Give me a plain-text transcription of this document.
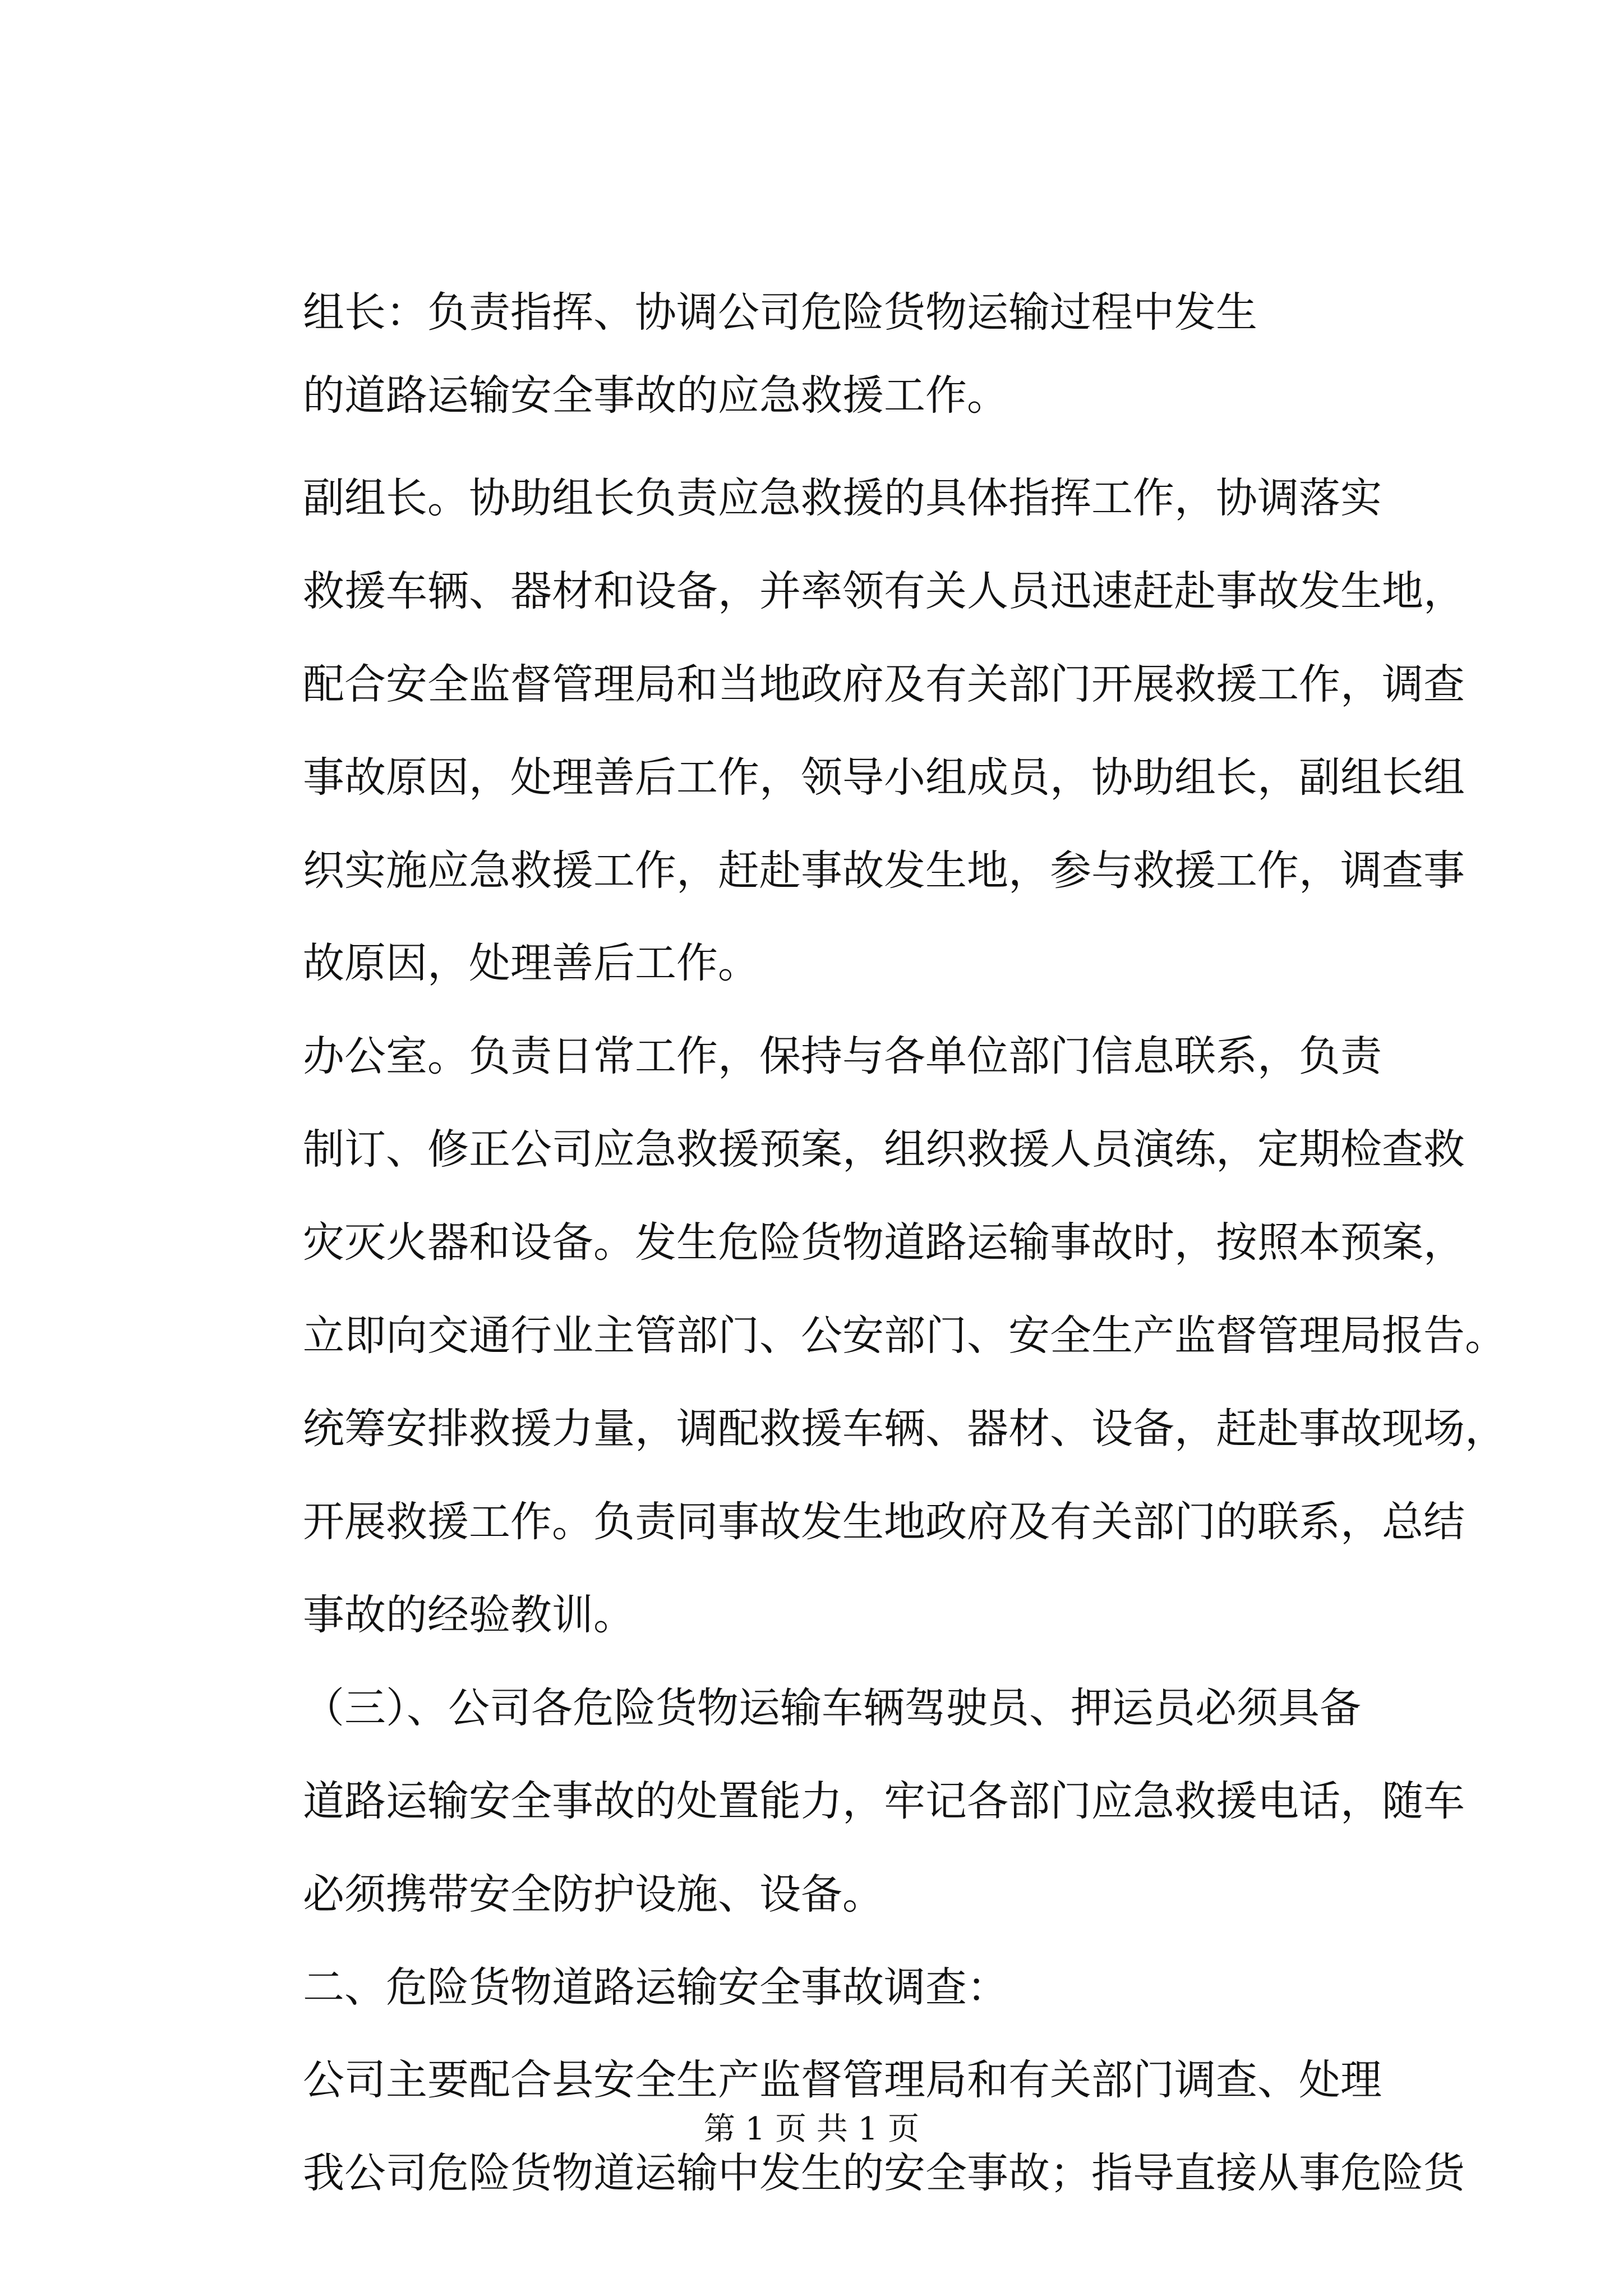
组长：负责指挥、协调公司危险货物运输过程中发生
的道路运输安全事故的应急救援工作。
副组长。协助组长负责应急救援的具体指挥工作，协调落实
救援车辆、器材和设备，并率领有关人员迅速赶赴事故发生地，
配合安全监督管理局和当地政府及有关部门开展救援工作，调查
事故原因，处理善后工作，领导小组成员，协助组长，副组长组
织实施应急救援工作，赶赴事故发生地，参与救援工作，调查事
故原因，处理善后工作。
办公室。负责日常工作，保持与各单位部门信息联系，负责
制订、修正公司应急救援预案，组织救援人员演练，定期检查救
灾灭火器和设备。发生危险货物道路运输事故时，按照本预案，
立即向交通行业主管部门、公安部门、安全生产监督管理局报告。
统筹安排救援力量，调配救援车辆、器材、设备，赶赴事故现场，
开展救援工作。负责同事故发生地政府及有关部门的联系，总结
事故的经验教训。
（三）、公司各危险货物运输车辆驾驶员、押运员必须具备
道路运输安全事故的处置能力，牢记各部门应急救援电话，随车
必须携带安全防护设施、设备。
二、危险货物道路运输安全事故调查：
公司主要配合县安全生产监督管理局和有关部门调查、处理
我公司危险货物道运输中发生的安全事故；指导直接从事危险货
第 1 页 共 1 页
